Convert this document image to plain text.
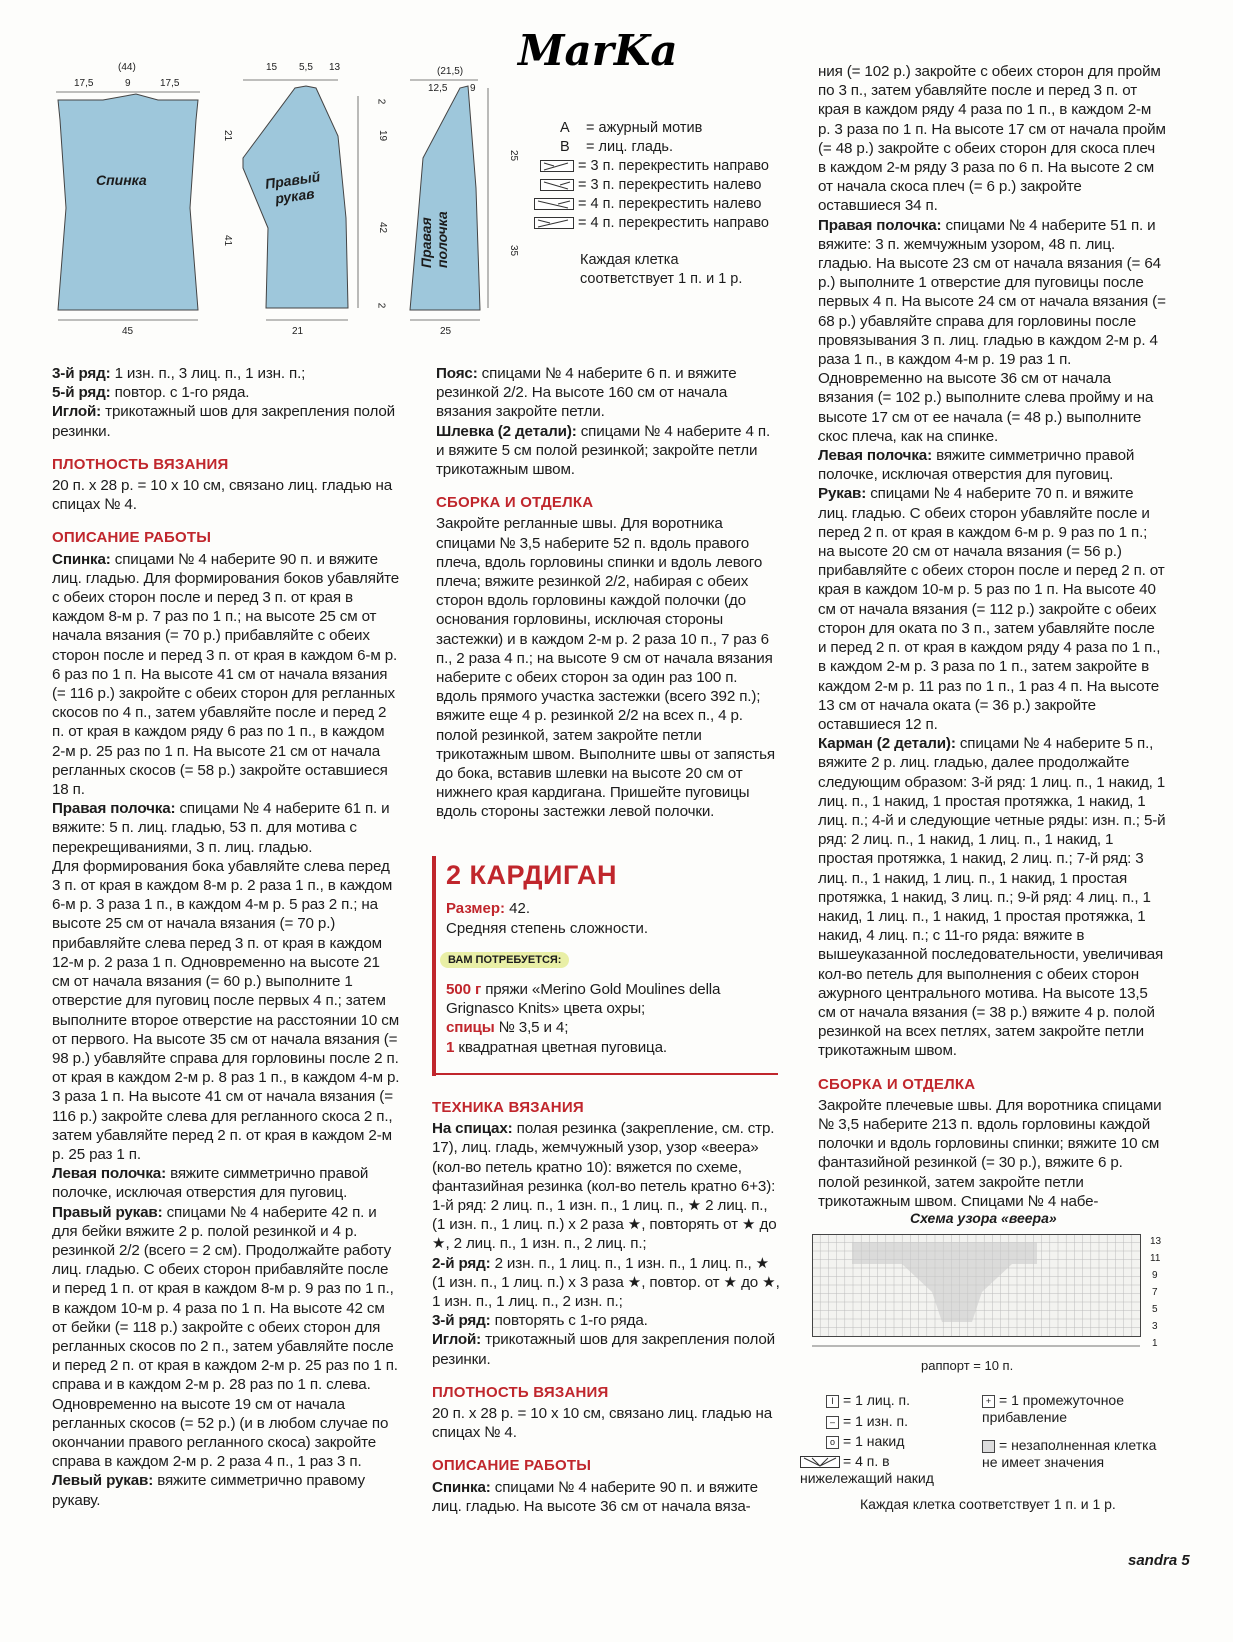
MarKa
Спинка	Правый
рукав
Правая
полочка
(44)
17,5	9	17,5
21
41
45
15 5,5 13
2
19
42
2
21
(21,5)
12,5 9
25
35
25
A = ажурный мотив
B = лиц. гладь.
= 3 п. перекрестить направо
= 3 п. перекрестить налево
= 4 п. перекрестить налево
= 4 п. перекрестить направо
Каждая клетка
соответствует 1 п. и 1 р.

3-й ряд: 1 изн. п., 3 лиц. п., 1 изн. п.;

5-й ряд: повтор. с 1-го ряда.

Иглой: трикотажный шов для закрепления полой резинки.

ПЛОТНОСТЬ ВЯЗАНИЯ

20 п. х 28 р. = 10 х 10 см, связано лиц. гладью на спицах № 4.

ОПИСАНИЕ РАБОТЫ

Спинка: спицами № 4 наберите 90 п. и вяжите лиц. гладью. Для формирования боков убавляйте с обеих сторон после и перед 3 п. от края в каждом 8-м р. 7 раз по 1 п.; на высоте 25 см от начала вязания (= 70 р.) прибавляйте с обеих сторон после и перед 3 п. от края в каждом 6-м р. 6 раз по 1 п. На высоте 41 см от начала вязания (= 116 р.) закройте с обеих сторон для регланных скосов по 4 п., затем убавляйте после и перед 2 п. от края в каждом ряду 6 раз по 1 п., в каждом 2-м р. 25 раз по 1 п. На высоте 21 см от начала регланных скосов (= 58 р.) закройте оставшиеся 18 п.

Правая полочка: спицами № 4 наберите 61 п. и вяжите: 5 п. лиц. гладью, 53 п. для мотива с перекрещиваниями, 3 п. лиц. гладью.

Для формирования бока убавляйте слева перед 3 п. от края в каждом 8-м р. 2 раза 1 п., в каждом 6-м р. 3 раза 1 п., в каждом 4-м р. 5 раз 2 п.; на высоте 25 см от начала вязания (= 70 р.) прибавляйте слева перед 3 п. от края в каждом 12-м р. 2 раза 1 п. Одновременно на высоте 21 см от начала вязания (= 60 р.) выполните 1 отверстие для пуговиц после первых 4 п.; затем выполните второе отверстие на расстоянии 10 см от первого. На высоте 35 см от начала вязания (= 98 р.) убавляйте справа для горловины после 2 п. от края в каждом 2-м р. 8 раз 1 п., в каждом 4-м р. 3 раза 1 п. На высоте 41 см от начала вязания (= 116 р.) закройте слева для регланного скоса 2 п., затем убавляйте перед 2 п. от края в каждом 2-м р. 25 раз 1 п.

Левая полочка: вяжите симметрично правой полочке, исключая отверстия для пуговиц.

Правый рукав: спицами № 4 наберите 42 п. и для бейки вяжите 2 р. полой резинкой и 4 р. резинкой 2/2 (всего = 2 см). Продолжайте работу лиц. гладью. С обеих сторон прибавляйте после и перед 1 п. от края в каждом 8-м р. 9 раз по 1 п., в каждом 10-м р. 4 раза по 1 п. На высоте 42 см от бейки (= 118 р.) закройте с обеих сторон для регланных скосов по 2 п., затем убавляйте после и перед 2 п. от края в каждом 2-м р. 25 раз по 1 п. справа и в каждом 2-м р. 28 раз по 1 п. слева. Одновременно на высоте 19 см от начала регланных скосов (= 52 р.) (и в любом случае по окончании правого регланного скоса) закройте справа в каждом 2-м р. 2 раза 4 п., 1 раз 3 п.

Левый рукав: вяжите симметрично правому рукаву.

Пояс: спицами № 4 наберите 6 п. и вяжите резинкой 2/2. На высоте 160 см от начала вязания закройте петли.

Шлевка (2 детали): спицами № 4 наберите 4 п. и вяжите 5 см полой резинкой; закройте петли трикотажным швом.

СБОРКА И ОТДЕЛКА

Закройте регланные швы. Для воротника спицами № 3,5 наберите 52 п. вдоль правого плеча, вдоль горловины спинки и вдоль левого плеча; вяжите резинкой 2/2, набирая с обеих сторон вдоль горловины каждой полочки (до основания горловины, исключая стороны застежки) и в каждом 2-м р. 2 раза 10 п., 7 раз 6 п., 2 раза 4 п.; на высоте 9 см от начала вязания наберите с обеих сторон за один раз 100 п. вдоль прямого участка застежки (всего 392 п.); вяжите еще 4 р. резинкой 2/2 на всех п., 4 р. полой резинкой, затем закройте петли трикотажным швом. Выполните швы от запястья до бока, вставив шлевки на высоте 20 см от нижнего края кардигана. Пришейте пуговицы вдоль стороны застежки левой полочки.

2 КАРДИГАН
Размер: 42.
Средняя степень сложности.
ВАМ ПОТРЕБУЕТСЯ:

500 г пряжи «Merino Gold Moulines della Grignasco Knits» цвета охры;

спицы № 3,5 и 4;

1 квадратная цветная пуговица.

ТЕХНИКА ВЯЗАНИЯ

На спицах: полая резинка (закрепление, см. стр. 17), лиц. гладь, жемчужный узор, узор «веера» (кол-во петель кратно 10): вяжется по схеме, фантазийная резинка (кол-во петель кратно 6+3): 1-й ряд: 2 лиц. п., 1 изн. п., 1 лиц. п., ★ 2 лиц. п., (1 изн. п., 1 лиц. п.) х 2 раза ★, повторять от ★ до ★, 2 лиц. п., 1 изн. п., 2 лиц. п.;

2-й ряд: 2 изн. п., 1 лиц. п., 1 изн. п., 1 лиц. п., ★ (1 изн. п., 1 лиц. п.) х 3 раза ★, повтор. от ★ до ★, 1 изн. п., 1 лиц. п., 2 изн. п.;

3-й ряд: повторять с 1-го ряда.

Иглой: трикотажный шов для закрепления полой резинки.

ПЛОТНОСТЬ ВЯЗАНИЯ

20 п. х 28 р. = 10 х 10 см, связано лиц. гладью на спицах № 4.

ОПИСАНИЕ РАБОТЫ

Спинка: спицами № 4 наберите 90 п. и вяжите лиц. гладью. На высоте 36 см от начала вяза-

ния (= 102 р.) закройте с обеих сторон для пройм по 3 п., затем убавляйте после и перед 3 п. от края в каждом ряду 4 раза по 1 п., в каждом 2-м р. 3 раза по 1 п. На высоте 17 см от начала пройм (= 48 р.) закройте с обеих сторон для скоса плеч в каждом 2-м ряду 3 раза по 6 п. На высоте 2 см от начала скоса плеч (= 6 р.) закройте оставшиеся 34 п.

Правая полочка: спицами № 4 наберите 51 п. и вяжите: 3 п. жемчужным узором, 48 п. лиц. гладью. На высоте 23 см от начала вязания (= 64 р.) выполните 1 отверстие для пуговицы после первых 4 п. На высоте 24 см от начала вязания (= 68 р.) убавляйте справа для горловины после провязывания 3 п. лиц. гладью в каждом 2-м р. 4 раза 1 п., в каждом 4-м р. 19 раз 1 п. Одновременно на высоте 36 см от начала вязания (= 102 р.) выполните слева пройму и на высоте 17 см от ее начала (= 48 р.) выполните скос плеча, как на спинке.

Левая полочка: вяжите симметрично правой полочке, исключая отверстия для пуговиц.

Рукав: спицами № 4 наберите 70 п. и вяжите лиц. гладью. С обеих сторон убавляйте после и перед 2 п. от края в каждом 6-м р. 9 раз по 1 п.; на высоте 20 см от начала вязания (= 56 р.) прибавляйте с обеих сторон после и перед 2 п. от края в каждом 10-м р. 5 раз по 1 п. На высоте 40 см от начала вязания (= 112 р.) закройте с обеих сторон для оката по 3 п., затем убавляйте после и перед 2 п. от края в каждом ряду 4 раза по 1 п., в каждом 2-м р. 3 раза по 1 п., затем закройте в каждом 2-м р. 11 раз по 1 п., 1 раз 4 п. На высоте 13 см от начала оката (= 36 р.) закройте оставшиеся 12 п.

Карман (2 детали): спицами № 4 наберите 5 п., вяжите 2 р. лиц. гладью, далее продолжайте следующим образом: 3-й ряд: 1 лиц. п., 1 накид, 1 лиц. п., 1 накид, 1 простая протяжка, 1 накид, 1 лиц. п.; 4-й и следующие четные ряды: изн. п.; 5-й ряд: 2 лиц. п., 1 накид, 1 лиц. п., 1 накид, 1 простая протяжка, 1 накид, 2 лиц. п.; 7-й ряд: 3 лиц. п., 1 накид, 1 лиц. п., 1 накид, 1 простая протяжка, 1 накид, 3 лиц. п.; 9-й ряд: 4 лиц. п., 1 накид, 1 лиц. п., 1 накид, 1 простая протяжка, 1 накид, 4 лиц. п.; с 11-го ряда: вяжите в вышеуказанной последовательности, увеличивая кол-во петель для выполнения с обеих сторон ажурного центрального мотива. На высоте 13,5 см от начала вязания (= 38 р.) вяжите 4 р. полой резинкой на всех петлях, затем закройте петли трикотажным швом.

СБОРКА И ОТДЕЛКА

Закройте плечевые швы. Для воротника спицами № 3,5 наберите 213 п. вдоль горловины каждой полочки и вдоль горловины спинки; вяжите 10 см фантазийной резинкой (= 30 р.), вяжите 6 р. полой резинкой, затем закройте петли трикотажным швом. Спицами № 4 набе-

Схема узора «веера»
13
11
9
7
5
3
1
раппорт = 10 п.
I = 1 лиц. п.
– = 1 изн. п.
o = 1 накид
= 4 п. в нижележащий накид
+ = 1 промежуточное прибавление
= незаполненная клетка не имеет значения
Каждая клетка соответствует 1 п. и 1 р.
sandra 5
